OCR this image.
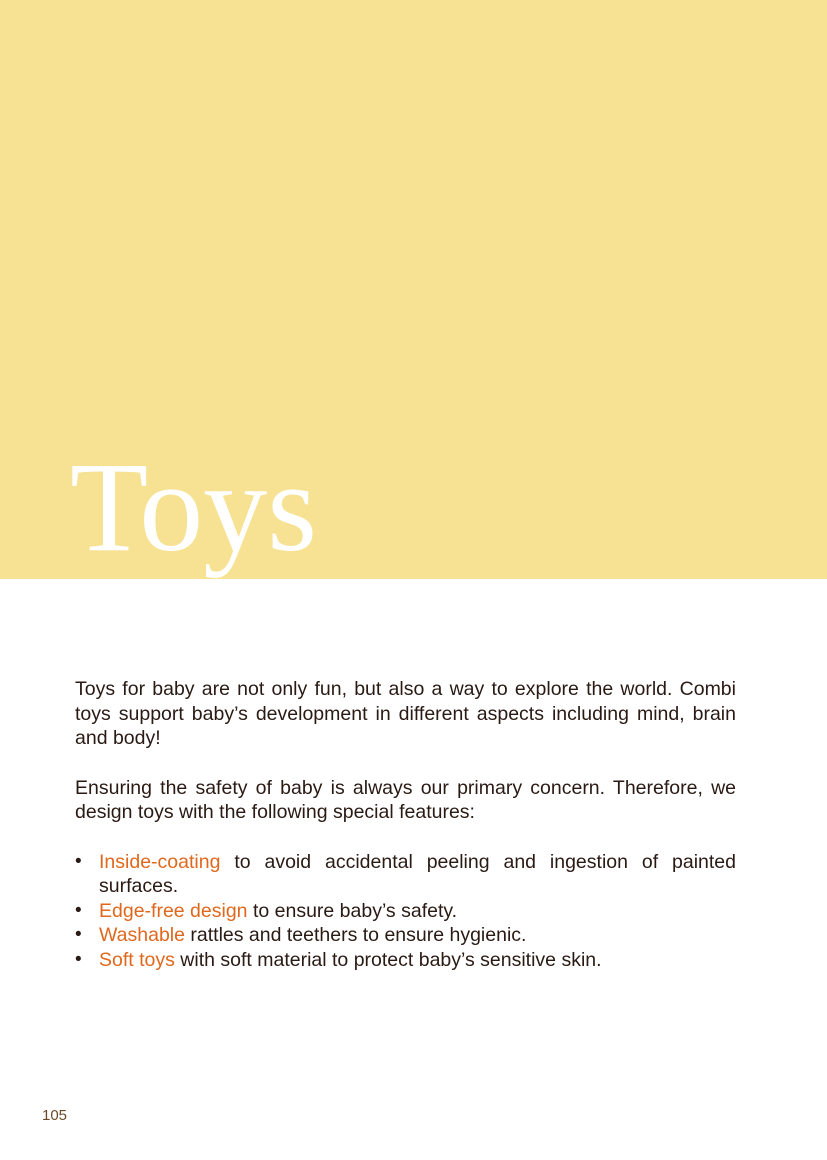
Toys

Toys for baby are not only fun, but also a way to explore the world. Combi toys support baby’s development in different aspects including mind, brain and body!

Ensuring the safety of baby is always our primary concern. Therefore, we design toys with the following special features:

• Inside-coating to avoid accidental peeling and ingestion of painted surfaces.
• Edge-free design to ensure baby’s safety.
• Washable rattles and teethers to ensure hygienic.
• Soft toys with soft material to protect baby’s sensitive skin.
105
